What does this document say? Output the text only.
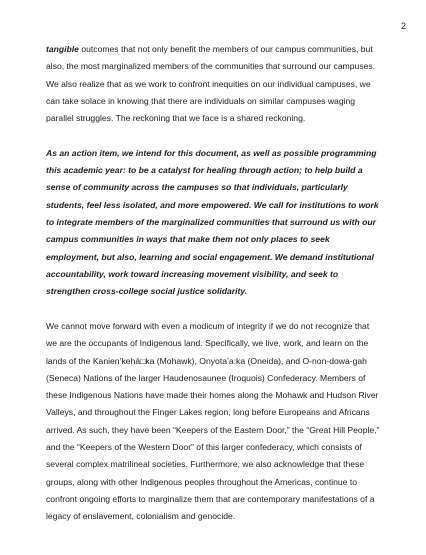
2
tangible outcomes that not only benefit the members of our campus communities, but
also, the most marginalized members of the communities that surround our campuses.
We also realize that as we work to confront inequities on our individual campuses, we
can take solace in knowing that there are individuals on similar campuses waging
parallel struggles. The reckoning that we face is a shared reckoning.
As an action item, we intend for this document, as well as possible programming
this academic year: to be a catalyst for healing through action; to help build a
sense of community across the campuses so that individuals, particularly
students, feel less isolated, and more empowered. We call for institutions to work
to integrate members of the marginalized communities that surround us with our
campus communities in ways that make them not only places to seek
employment, but also, learning and social engagement. We demand institutional
accountability, work toward increasing movement visibility, and seek to
strengthen cross-college social justice solidarity.
We cannot move forward with even a modicum of integrity if we do not recognize that
we are the occupants of Indigenous land. Specifically, we live, work, and learn on the
lands of the Kanien’kehá□ka (Mohawk), Onyota’a:ka (Oneida), and O-non-dowa-gah
(Seneca) Nations of the larger Haudenosaunee (Iroquois) Confederacy. Members of
these Indigenous Nations have made their homes along the Mohawk and Hudson River
Valleys, and throughout the Finger Lakes region, long before Europeans and Africans
arrived. As such, they have been “Keepers of the Eastern Door,” the “Great Hill People,”
and the “Keepers of the Western Door” of this larger confederacy, which consists of
several complex matrilineal societies. Furthermore, we also acknowledge that these
groups, along with other Indigenous peoples throughout the Americas, continue to
confront ongoing efforts to marginalize them that are contemporary manifestations of a
legacy of enslavement, colonialism and genocide.
